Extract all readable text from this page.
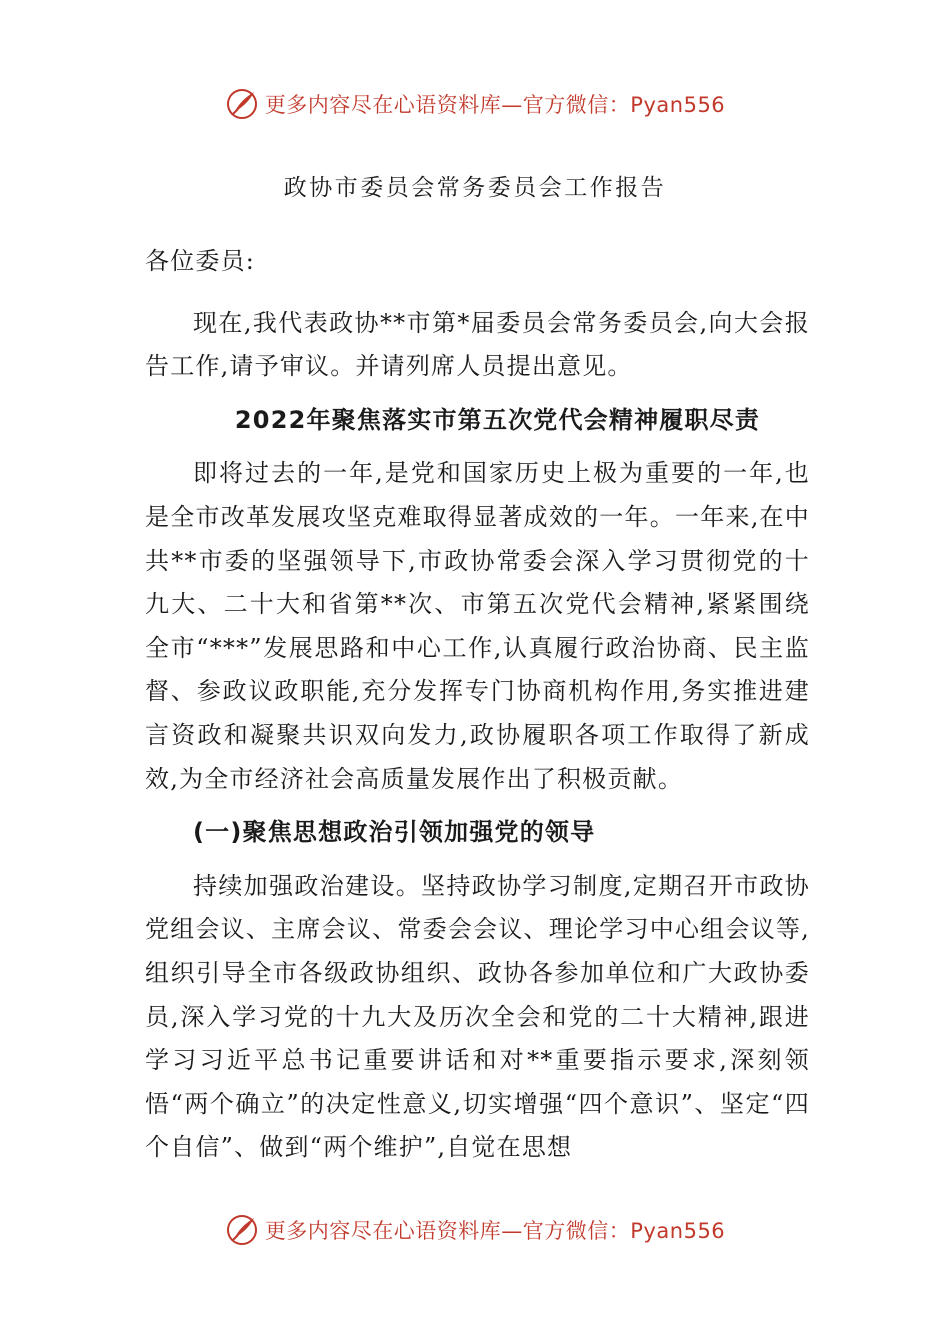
更多内容尽在心语资料库—官方微信：Pyan556
政协市委员会常务委员会工作报告

各位委员:

现在,我代表政协**市第*届委员会常务委员会,向大会报告工作,请予审议。并请列席人员提出意见。

2022年聚焦落实市第五次党代会精神履职尽责

即将过去的一年,是党和国家历史上极为重要的一年,也是全市改革发展攻坚克难取得显著成效的一年。一年来,在中共**市委的坚强领导下,市政协常委会深入学习贯彻党的十九大、二十大和省第**次、市第五次党代会精神,紧紧围绕全市“***”发展思路和中心工作,认真履行政治协商、民主监督、参政议政职能,充分发挥专门协商机构作用,务实推进建言资政和凝聚共识双向发力,政协履职各项工作取得了新成效,为全市经济社会高质量发展作出了积极贡献。

(一)聚焦思想政治引领加强党的领导

持续加强政治建设。坚持政协学习制度,定期召开市政协党组会议、主席会议、常委会会议、理论学习中心组会议等,组织引导全市各级政协组织、政协各参加单位和广大政协委员,深入学习党的十九大及历次全会和党的二十大精神,跟进学习习近平总书记重要讲话和对**重要指示要求,深刻领悟“两个确立”的决定性意义,切实增强“四个意识”、坚定“四个自信”、做到“两个维护”,自觉在思想

更多内容尽在心语资料库—官方微信：Pyan556
